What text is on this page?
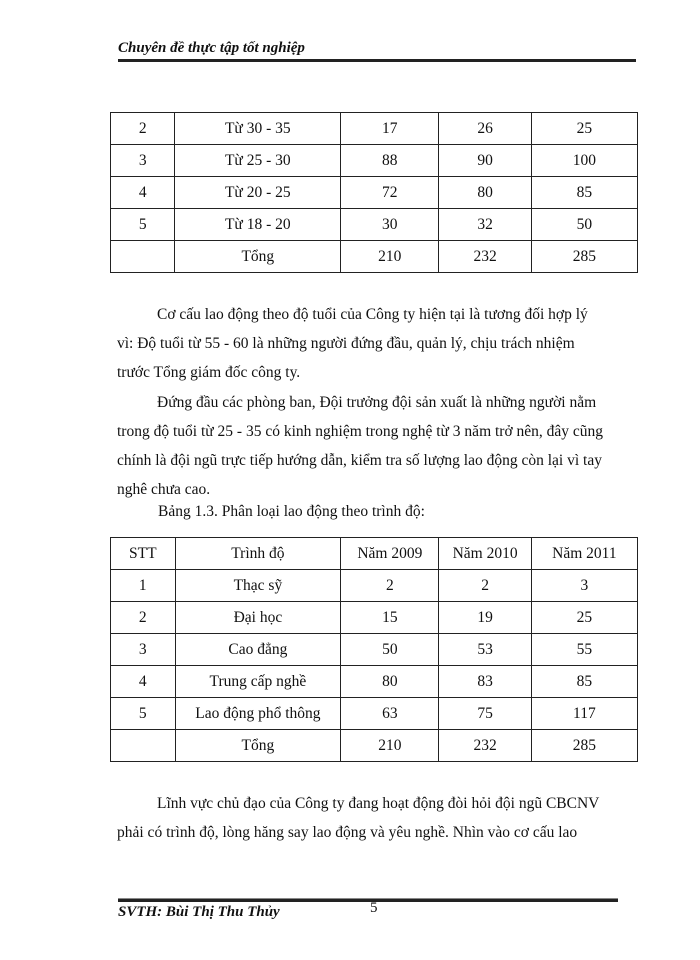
Chuyên đề thực tập tốt nghiệp
2	Từ 30 - 35	17	26	25
3	Từ 25 - 30	88	90	100
4	Từ 20 - 25	72	80	85
5	Từ 18 - 20	30	32	50
	Tổng	210	232	285

Cơ cấu lao động theo độ tuổi của Công ty hiện tại là tương đối hợp lý
vì: Độ tuổi từ 55 - 60 là những người đứng đầu, quản lý, chịu trách nhiệm
trước Tổng giám đốc công ty.

Đứng đầu các phòng ban, Đội trưởng đội sản xuất là những người nằm
trong độ tuổi từ 25 - 35 có kinh nghiệm trong nghệ từ 3 năm trở nên, đây cũng
chính là đội ngũ trực tiếp hướng dẫn, kiểm tra số lượng lao động còn lại vì tay
nghê chưa cao.

Bảng 1.3. Phân loại lao động theo trình độ:
STT	Trình độ	Năm 2009	Năm 2010	Năm 2011
1	Thạc sỹ	2	2	3
2	Đại học	15	19	25
3	Cao đẳng	50	53	55
4	Trung cấp nghề	80	83	85
5	Lao động phổ thông	63	75	117
	Tổng	210	232	285

Lĩnh vực chủ đạo của Công ty đang hoạt động đòi hỏi đội ngũ CBCNV
phải có trình độ, lòng hăng say lao động và yêu nghề. Nhìn vào cơ cấu lao

SVTH: Bùi Thị Thu Thủy	5
